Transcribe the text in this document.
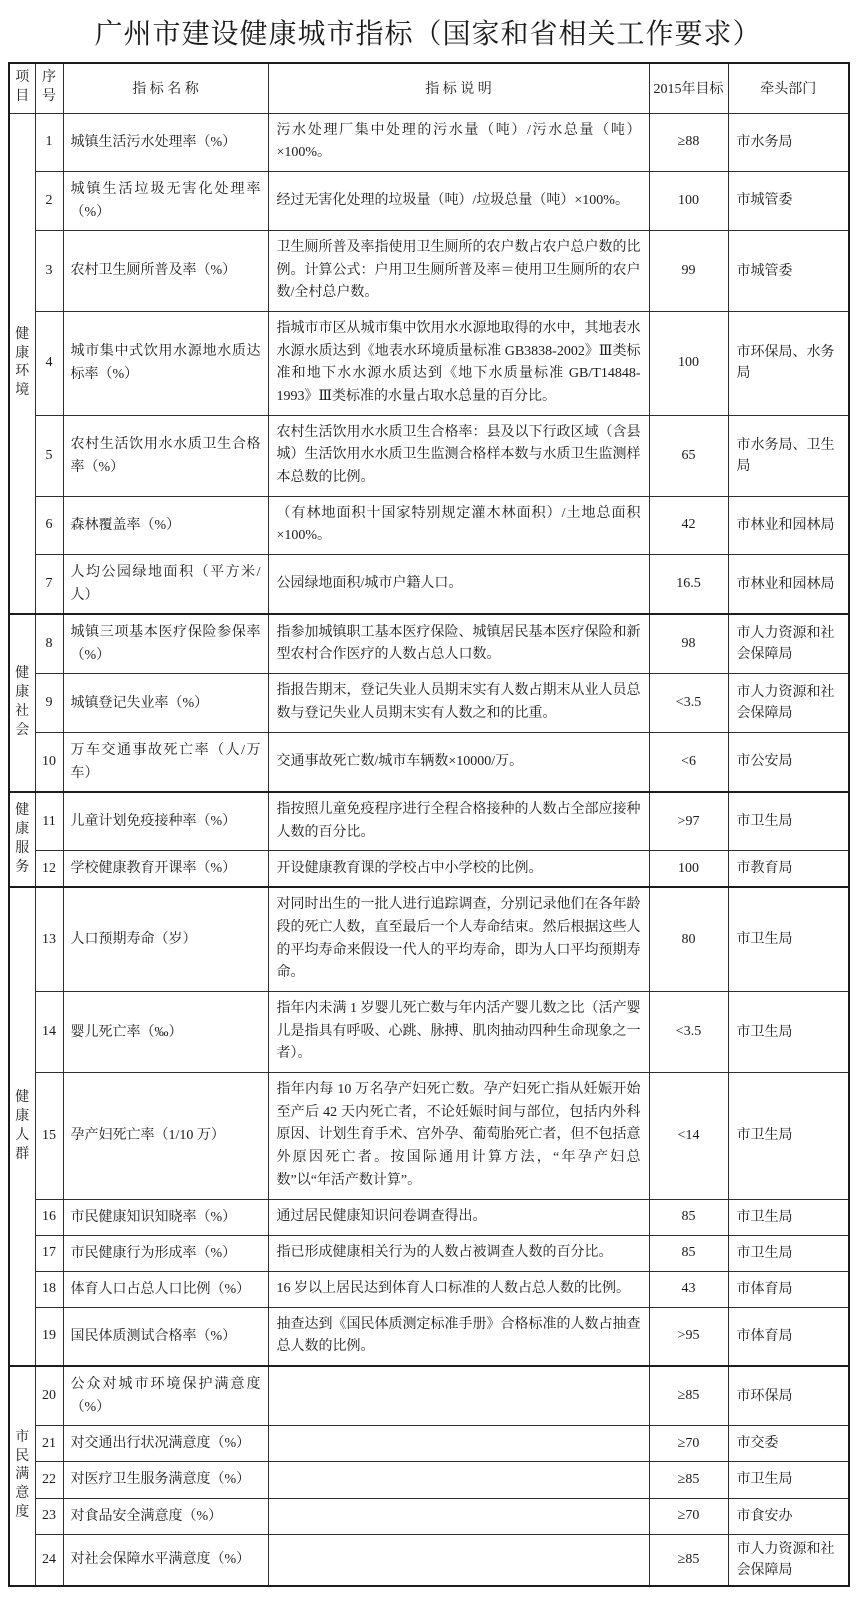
广州市建设健康城市指标（国家和省相关工作要求）
项目	序号	指 标 名 称	指 标 说 明	2015年目标	牵头部门
健康环境	1	城镇生活污水处理率（%）	污水处理厂集中处理的污水量（吨）/污水总量（吨）×100%。	≥88	市水务局
	2	城镇生活垃圾无害化处理率（%）	经过无害化处理的垃圾量（吨）/垃圾总量（吨）×100%。	100	市城管委
	3	农村卫生厕所普及率（%）	卫生厕所普及率指使用卫生厕所的农户数占农户总户数的比例。计算公式：户用卫生厕所普及率＝使用卫生厕所的农户数/全村总户数。	99	市城管委
	4	城市集中式饮用水源地水质达标率（%）	指城市市区从城市集中饮用水水源地取得的水中，其地表水水源水质达到《地表水环境质量标准 GB3838-2002》Ⅲ类标准和地下水水源水质达到《地下水质量标准 GB/T14848-1993》Ⅲ类标准的水量占取水总量的百分比。	100	市环保局、水务局
	5	农村生活饮用水水质卫生合格率（%）	农村生活饮用水水质卫生合格率：县及以下行政区域（含县城）生活饮用水水质卫生监测合格样本数与水质卫生监测样本总数的比例。	65	市水务局、卫生局
	6	森林覆盖率（%）	（有林地面积十国家特别规定灌木林面积）/土地总面积×100%。	42	市林业和园林局
	7	人均公园绿地面积（平方米/人）	公园绿地面积/城市户籍人口。	16.5	市林业和园林局
健康社会	8	城镇三项基本医疗保险参保率（%）	指参加城镇职工基本医疗保险、城镇居民基本医疗保险和新型农村合作医疗的人数占总人口数。	98	市人力资源和社会保障局
	9	城镇登记失业率（%）	指报告期末，登记失业人员期末实有人数占期末从业人员总数与登记失业人员期末实有人数之和的比重。	<3.5	市人力资源和社会保障局
	10	万车交通事故死亡率（人/万车）	交通事故死亡数/城市车辆数×10000/万。	<6	市公安局
健康服务	11	儿童计划免疫接种率（%）	指按照儿童免疫程序进行全程合格接种的人数占全部应接种人数的百分比。	>97	市卫生局
	12	学校健康教育开课率（%）	开设健康教育课的学校占中小学校的比例。	100	市教育局
健康人群	13	人口预期寿命（岁）	对同时出生的一批人进行追踪调查，分别记录他们在各年龄段的死亡人数，直至最后一个人寿命结束。然后根据这些人的平均寿命来假设一代人的平均寿命，即为人口平均预期寿命。	80	市卫生局
	14	婴儿死亡率（‰）	指年内未满 1 岁婴儿死亡数与年内活产婴儿数之比（活产婴儿是指具有呼吸、心跳、脉搏、肌肉抽动四种生命现象之一者）。	<3.5	市卫生局
	15	孕产妇死亡率（1/10 万）	指年内每 10 万名孕产妇死亡数。孕产妇死亡指从妊娠开始至产后 42 天内死亡者，不论妊娠时间与部位，包括内外科原因、计划生育手术、宫外孕、葡萄胎死亡者，但不包括意外原因死亡者。按国际通用计算方法，“年孕产妇总数”以“年活产数计算”。	<14	市卫生局
	16	市民健康知识知晓率（%）	通过居民健康知识问卷调查得出。	85	市卫生局
	17	市民健康行为形成率（%）	指已形成健康相关行为的人数占被调查人数的百分比。	85	市卫生局
	18	体育人口占总人口比例（%）	16 岁以上居民达到体育人口标准的人数占总人数的比例。	43	市体育局
	19	国民体质测试合格率（%）	抽查达到《国民体质测定标准手册》合格标准的人数占抽查总人数的比例。	>95	市体育局
市民满意度	20	公众对城市环境保护满意度（%）		≥85	市环保局
	21	对交通出行状况满意度（%）		≥70	市交委
	22	对医疗卫生服务满意度（%）		≥85	市卫生局
	23	对食品安全满意度（%）		≥70	市食安办
	24	对社会保障水平满意度（%）		≥85	市人力资源和社会保障局
